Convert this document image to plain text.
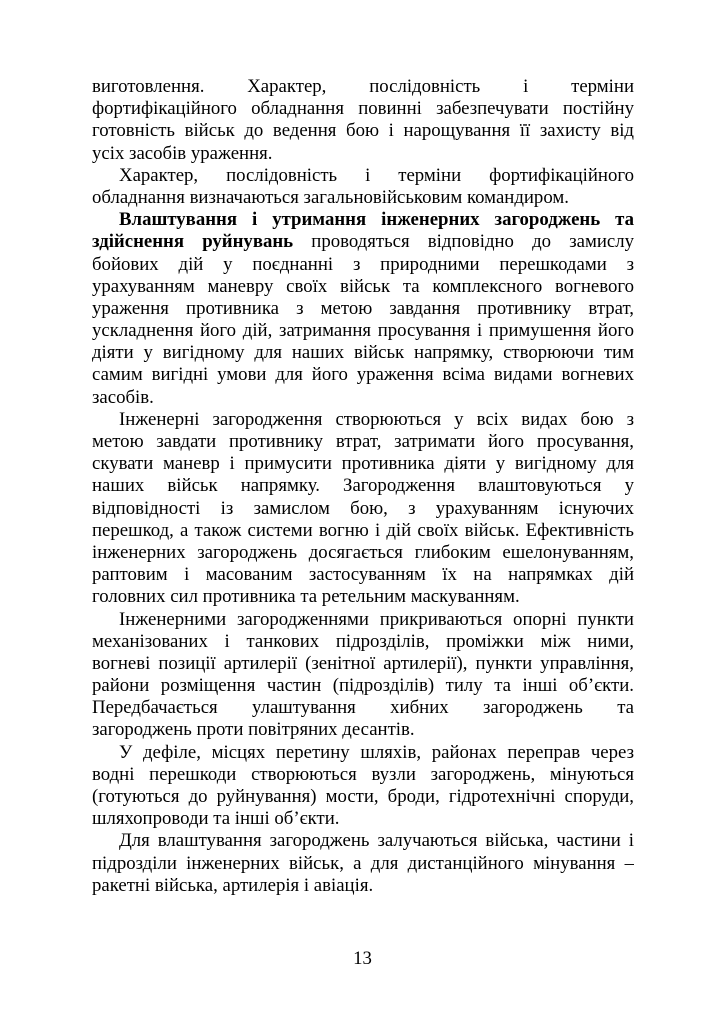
виготовлення. Характер, послідовність і терміни
фортифікаційного обладнання повинні забезпечувати постійну
готовність військ до ведення бою і нарощування її захисту від
усіх засобів ураження.
Характер, послідовність і терміни фортифікаційного
обладнання визначаються загальновійськовим командиром.
Влаштування і утримання інженерних загороджень та
здійснення руйнувань проводяться відповідно до замислу
бойових дій у поєднанні з природними перешкодами з
урахуванням маневру своїх військ та комплексного вогневого
ураження противника з метою завдання противнику втрат,
ускладнення його дій, затримання просування і примушення його
діяти у вигідному для наших військ напрямку, створюючи тим
самим вигідні умови для його ураження всіма видами вогневих
засобів.
Інженерні загородження створюються у всіх видах бою з
метою завдати противнику втрат, затримати його просування,
скувати маневр і примусити противника діяти у вигідному для
наших військ напрямку. Загородження влаштовуються у
відповідності із замислом бою, з урахуванням існуючих
перешкод, а також системи вогню і дій своїх військ. Ефективність
інженерних загороджень досягається глибоким ешелонуванням,
раптовим і масованим застосуванням їх на напрямках дій
головних сил противника та ретельним маскуванням.
Інженерними загородженнями прикриваються опорні пункти
механізованих і танкових підрозділів, проміжки між ними,
вогневі позиції артилерії (зенітної артилерії), пункти управління,
райони розміщення частин (підрозділів) тилу та інші об’єкти.
Передбачається улаштування хибних загороджень та
загороджень проти повітряних десантів.
У дефіле, місцях перетину шляхів, районах переправ через
водні перешкоди створюються вузли загороджень, мінуються
(готуються до руйнування) мости, броди, гідротехнічні споруди,
шляхопроводи та інші об’єкти.
Для влаштування загороджень залучаються війська, частини і
підрозділи інженерних військ, а для дистанційного мінування –
ракетні війська, артилерія і авіація.
13
